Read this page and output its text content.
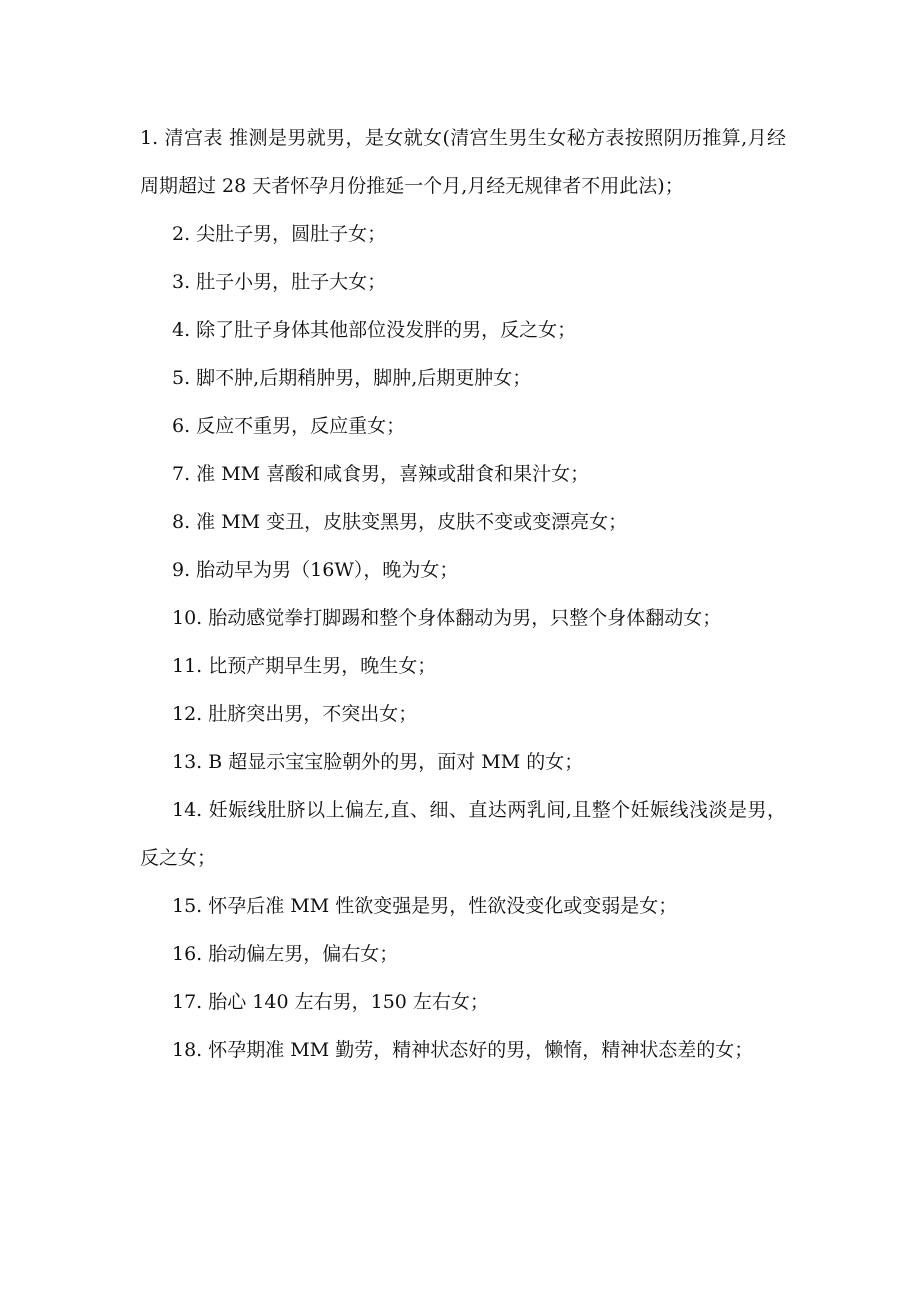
1. 清宫表 推测是男就男，是女就女(清宫生男生女秘方表按照阴历推算,月经周期超过 28 天者怀孕月份推延一个月,月经无规律者不用此法)；

2. 尖肚子男，圆肚子女；

3. 肚子小男，肚子大女；

4. 除了肚子身体其他部位没发胖的男，反之女；

5. 脚不肿,后期稍肿男，脚肿,后期更肿女；

6. 反应不重男，反应重女；

7. 准 MM 喜酸和咸食男，喜辣或甜食和果汁女；

8. 准 MM 变丑，皮肤变黑男，皮肤不变或变漂亮女；

9. 胎动早为男（16W），晚为女；

10. 胎动感觉拳打脚踢和整个身体翻动为男，只整个身体翻动女；

11. 比预产期早生男，晚生女；

12. 肚脐突出男，不突出女；

13. B 超显示宝宝脸朝外的男，面对 MM 的女；

14. 妊娠线肚脐以上偏左,直、细、直达两乳间,且整个妊娠线浅淡是男，反之女；

15. 怀孕后准 MM 性欲变强是男，性欲没变化或变弱是女；

16. 胎动偏左男，偏右女；

17. 胎心 140 左右男，150 左右女；

18. 怀孕期准 MM 勤劳，精神状态好的男，懒惰，精神状态差的女；
